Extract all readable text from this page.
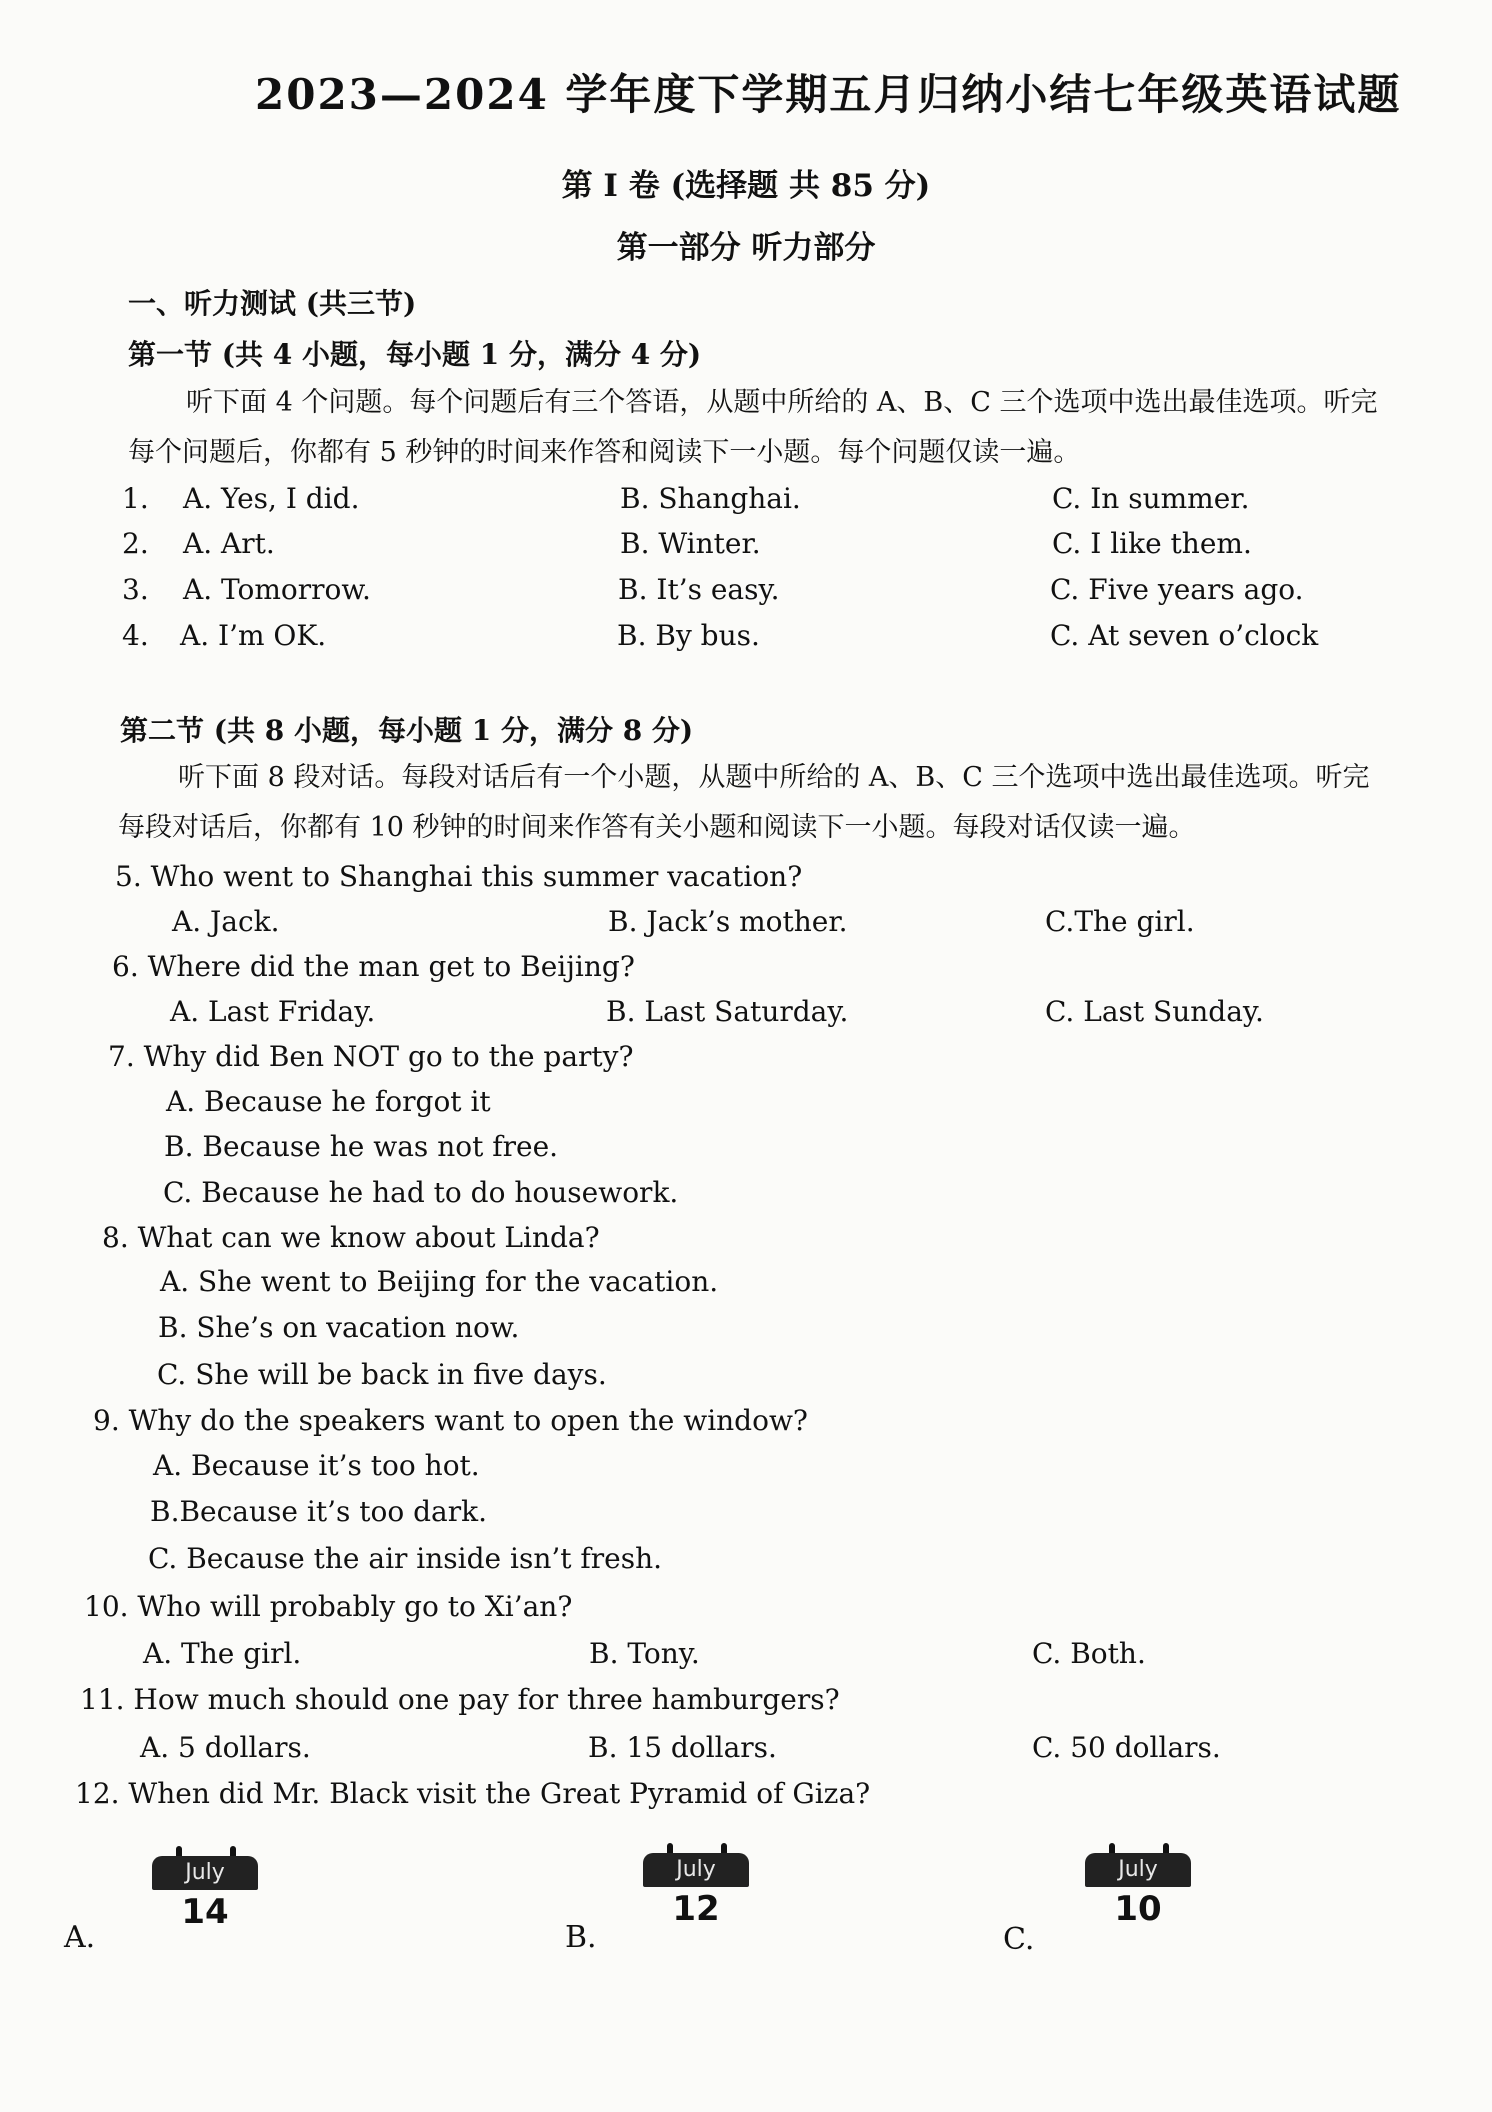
2023—2024 学年度下学期五月归纳小结七年级英语试题
第 I 卷 (选择题 共 85 分)
第一部分 听力部分
一、听力测试 (共三节)
第一节 (共 4 小题，每小题 1 分，满分 4 分)
听下面 4 个问题。每个问题后有三个答语，从题中所给的 A、B、C 三个选项中选出最佳选项。听完
每个问题后，你都有 5 秒钟的时间来作答和阅读下一小题。每个问题仅读一遍。
1. A. Yes, I did.	B. Shanghai.	C. In summer.
2. A. Art.	B. Winter.	C. I like them.
3. A. Tomorrow.	B. It’s easy.	C. Five years ago.
4. A. I’m OK.	B. By bus.	C. At seven o’clock
第二节 (共 8 小题，每小题 1 分，满分 8 分)
听下面 8 段对话。每段对话后有一个小题，从题中所给的 A、B、C 三个选项中选出最佳选项。听完
每段对话后，你都有 10 秒钟的时间来作答有关小题和阅读下一小题。每段对话仅读一遍。
5. Who went to Shanghai this summer vacation?
A. Jack.	B. Jack’s mother.	C.The girl.
6. Where did the man get to Beijing?
A. Last Friday.	B. Last Saturday.	C. Last Sunday.
7. Why did Ben NOT go to the party?
A. Because he forgot it
B. Because he was not free.
C. Because he had to do housework.
8. What can we know about Linda?
A. She went to Beijing for the vacation.
B. She’s on vacation now.
C. She will be back in five days.
9. Why do the speakers want to open the window?
A. Because it’s too hot.
B.Because it’s too dark.
C. Because the air inside isn’t fresh.
10. Who will probably go to Xi’an?
A. The girl.	B. Tony.	C. Both.
11. How much should one pay for three hamburgers?
A. 5 dollars.	B. 15 dollars.	C. 50 dollars.
12. When did Mr. Black visit the Great Pyramid of Giza?
A.
July
14
B.
July
12
C.
July
10
